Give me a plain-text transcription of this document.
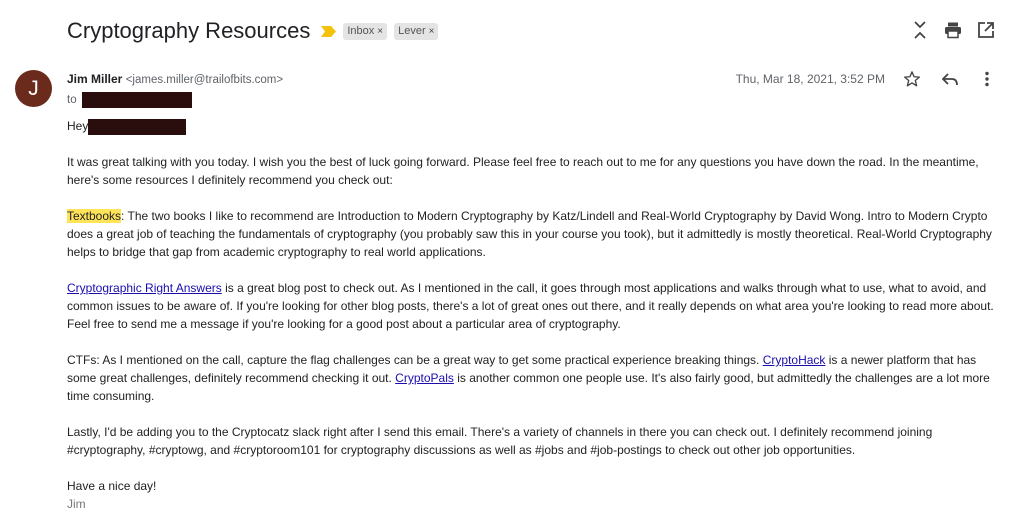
Cryptography Resources	Inbox × Lever ×
J	Jim Miller <james.miller@trailofbits.com>
to
Thu, Mar 18, 2021, 3:52 PM

Hey

It was great talking with you today. I wish you the best of luck going forward. Please feel free to reach out to me for any questions you have down the road. In the meantime, here's some resources I definitely recommend you check out:

Textbooks: The two books I like to recommend are Introduction to Modern Cryptography by Katz/Lindell and Real-World Cryptography by David Wong. Intro to Modern Crypto does a great job of teaching the fundamentals of cryptography (you probably saw this in your course you took), but it admittedly is mostly theoretical. Real-World Cryptography helps to bridge that gap from academic cryptography to real world applications.

Cryptographic Right Answers is a great blog post to check out. As I mentioned in the call, it goes through most applications and walks through what to use, what to avoid, and common issues to be aware of. If you're looking for other blog posts, there's a lot of great ones out there, and it really depends on what area you're looking to read more about. Feel free to send me a message if you're looking for a good post about a particular area of cryptography.

CTFs: As I mentioned on the call, capture the flag challenges can be a great way to get some practical experience breaking things. CryptoHack is a newer platform that has some great challenges, definitely recommend checking it out. CryptoPals is another common one people use. It's also fairly good, but admittedly the challenges are a lot more time consuming.

Lastly, I'd be adding you to the Cryptocatz slack right after I send this email. There's a variety of channels in there you can check out. I definitely recommend joining #cryptography, #cryptowg, and #cryptoroom101 for cryptography discussions as well as #jobs and #job-postings to check out other job opportunities.

Have a nice day!

Jim
